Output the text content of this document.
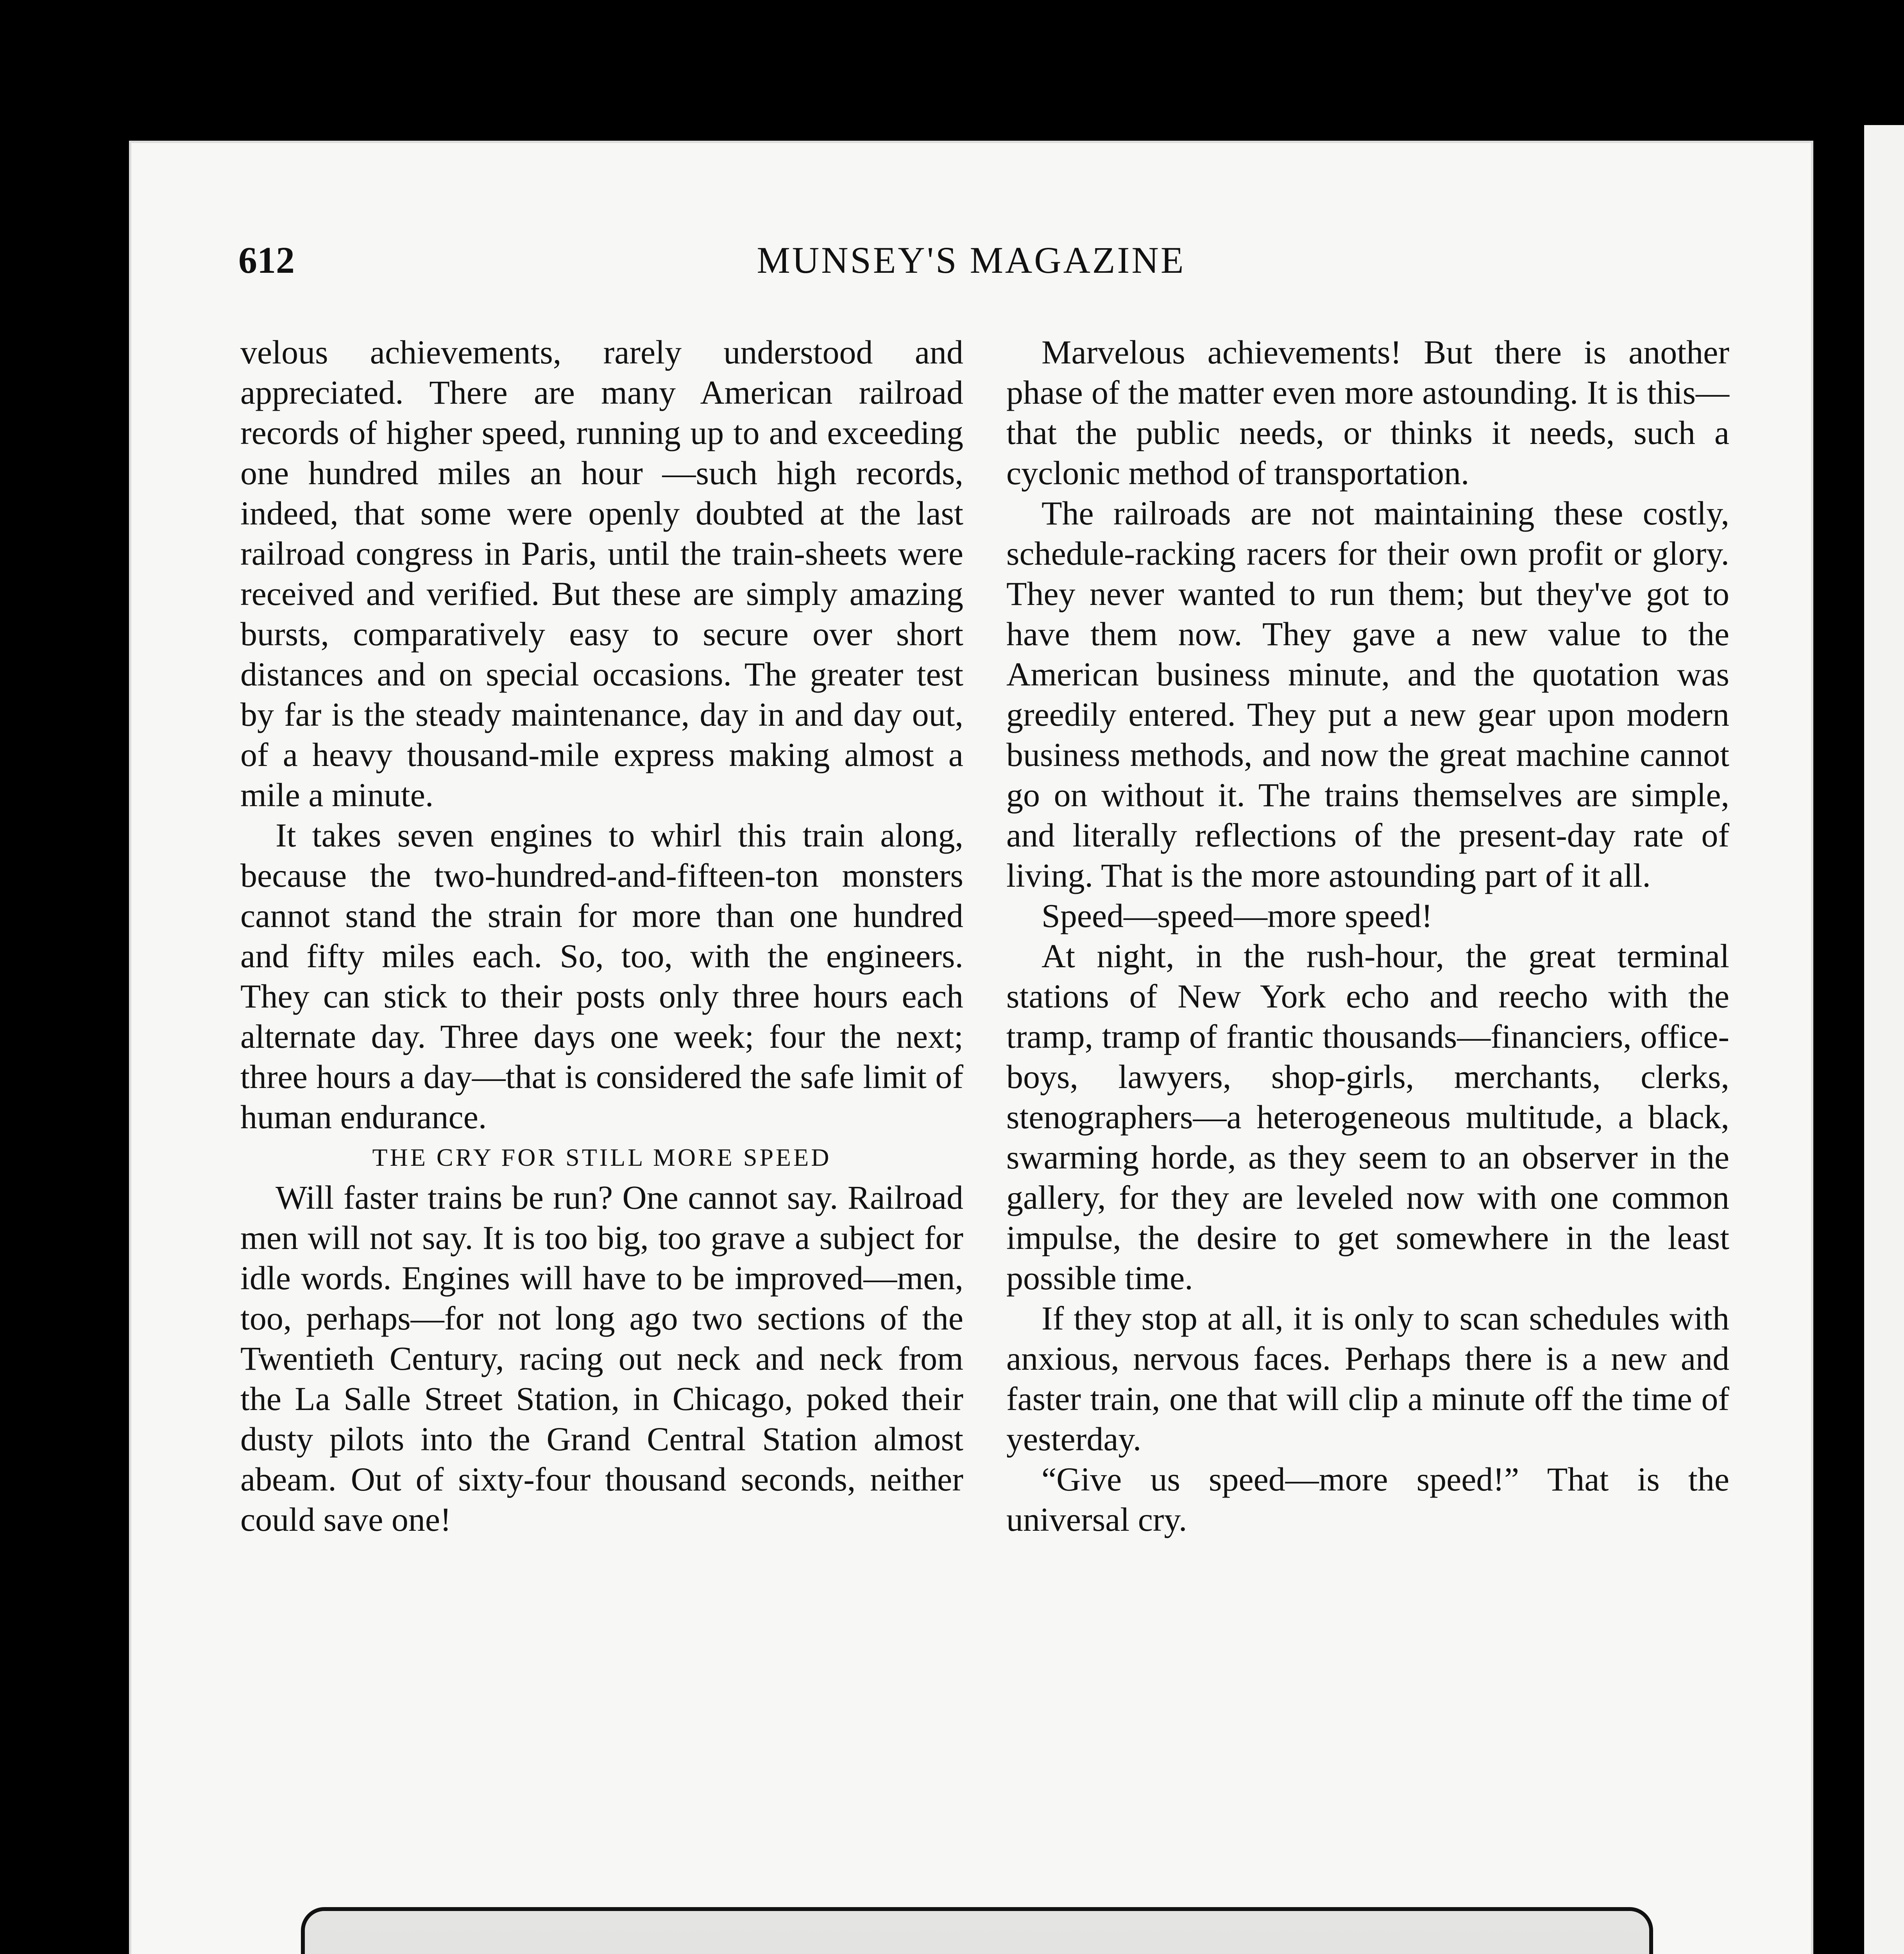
612	MUNSEY'S MAGAZINE

velous achievements, rarely understood and appreciated. There are many American railroad records of higher speed, running up to and exceeding one hundred miles an hour —such high records, indeed, that some were openly doubted at the last railroad congress in Paris, until the train-sheets were received and verified. But these are simply amazing bursts, comparatively easy to secure over short distances and on special occasions. The greater test by far is the steady maintenance, day in and day out, of a heavy thousand-mile express making almost a mile a minute.

It takes seven engines to whirl this train along, because the two-hundred-and-fifteen-ton monsters cannot stand the strain for more than one hundred and fifty miles each. So, too, with the engineers. They can stick to their posts only three hours each alternate day. Three days one week; four the next; three hours a day—that is considered the safe limit of human endurance.

THE CRY FOR STILL MORE SPEED

Will faster trains be run? One cannot say. Railroad men will not say. It is too big, too grave a subject for idle words. Engines will have to be improved—men, too, perhaps—for not long ago two sections of the Twentieth Century, racing out neck and neck from the La Salle Street Station, in Chicago, poked their dusty pilots into the Grand Central Station almost abeam. Out of sixty-four thousand seconds, neither could save one!

Marvelous achievements! But there is another phase of the matter even more astounding. It is this—that the public needs, or thinks it needs, such a cyclonic method of transportation.

The railroads are not maintaining these costly, schedule-racking racers for their own profit or glory. They never wanted to run them; but they've got to have them now. They gave a new value to the American business minute, and the quotation was greedily entered. They put a new gear upon modern business methods, and now the great machine cannot go on without it. The trains themselves are simple, and literally reflections of the present-day rate of living. That is the more astounding part of it all.

Speed—speed—more speed!

At night, in the rush-hour, the great terminal stations of New York echo and reecho with the tramp, tramp of frantic thousands—financiers, office-boys, lawyers, shop-girls, merchants, clerks, stenographers—a heterogeneous multitude, a black, swarming horde, as they seem to an observer in the gallery, for they are leveled now with one common impulse, the desire to get somewhere in the least possible time.

If they stop at all, it is only to scan schedules with anxious, nervous faces. Perhaps there is a new and faster train, one that will clip a minute off the time of yesterday.

“Give us speed—more speed!” That is the universal cry.
